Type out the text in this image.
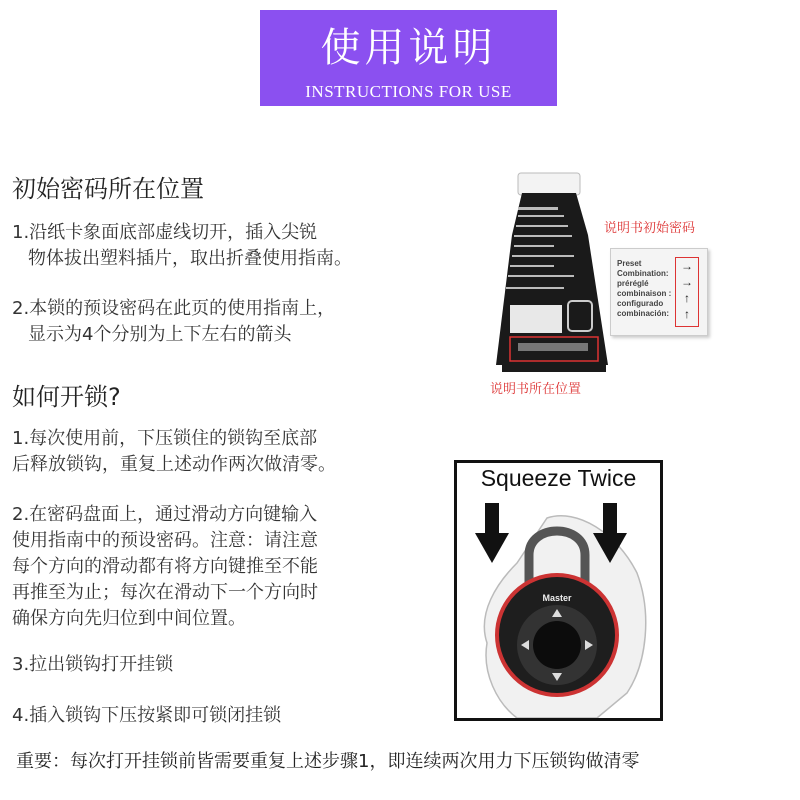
使用说明
INSTRUCTIONS FOR USE
初始密码所在位置
1.沿纸卡象面底部虚线切开，插入尖锐
物体拔出塑料插片，取出折叠使用指南。
2.本锁的预设密码在此页的使用指南上，
显示为4个分别为上下左右的箭头
如何开锁?
1.每次使用前，下压锁住的锁钩至底部
后释放锁钩，重复上述动作两次做清零。
2.在密码盘面上，通过滑动方向键输入
使用指南中的预设密码。注意：请注意
每个方向的滑动都有将方向键推至不能
再推至为止；每次在滑动下一个方向时
确保方向先归位到中间位置。
3.拉出锁钩打开挂锁
4.插入锁钩下压按紧即可锁闭挂锁
重要：每次打开挂锁前皆需要重复上述步骤1，即连续两次用力下压锁钩做清零
说明书初始密码
说明书所在位置
Preset
Combination:
préréglé
combinaison :
configurado
combinación:
→
→
↑
↑
Squeeze Twice
Master
